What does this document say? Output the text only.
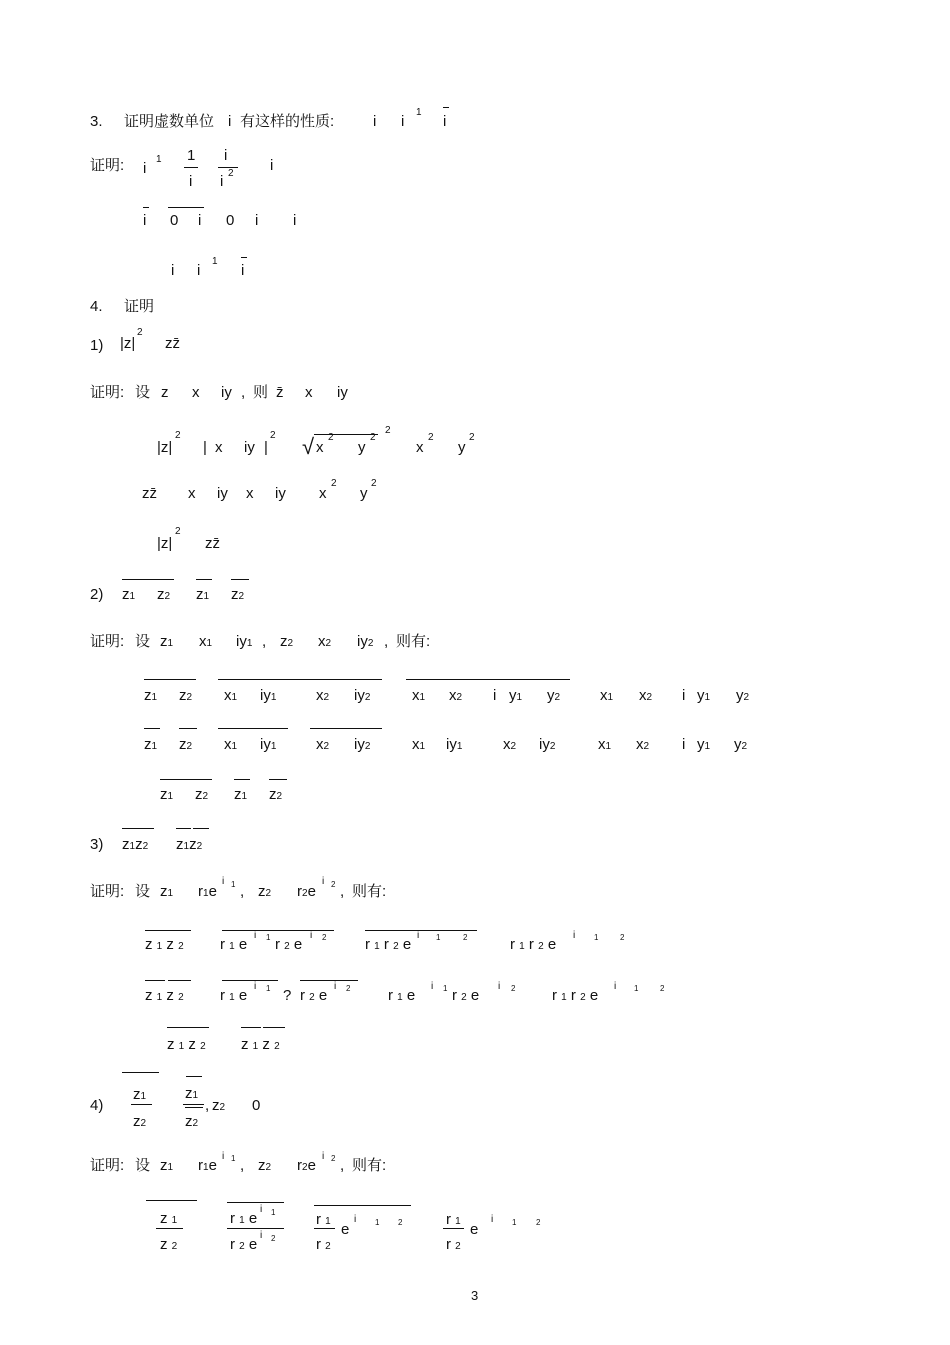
3. 证明虚数单位 i 有这样的性质:	i i
1
i
证明: i
1 1
i
i
i 2 i
i 0 i 0 i i
i i
1
i
4. 证明
1) |z|
2
zz̄
证明: 设 z x iy , 则 z̄ x iy
|z|
2
| x iy |
2 √ x
2
y
2
2
x
2
y
2
zz̄ x iy x iy x
2
y
2
|z|
2
zz̄
2) z1 z2 z1 z2
证明: 设 z1 x1 iy1 , z2 x2 iy2 , 则有:
z1 z2 x1 iy1	x2 iy2	x1 x2 i y1 y2	x1 x2 i y1 y2
z1 z2 x1 iy1	x2 iy2	x1 iy1	x2 iy2	x1 x2 i y1 y2
z1 z2 z1 z2
3) z1z2 z1z2
证明: 设 z1 r1e
i 1 , z2 r2e
i 2 , 则有:
z 1 z 2 r 1 e
i 1 r 2 e
i 2	r 1 r 2 e
i 1	2	r 1 r 2 e
i 1	2
z 1 z 2 r 1 e
i 1 ? r 2 e
i 2	r 1 e
i 1 r 2 e
i 2 r 1 r 2 e
i 1	2
z 1 z 2 z 1 z 2
4)
z1
z2
z1
z2
, z2 0
证明: 设 z1 r1e
i 1 , z2 r2e
i 2 , 则有:
z 1
z 2
r 1 e
i 1
r 2 e
i 2
r 1
r 2
e
i 1 2	r 1
r 2
e
i 1 2
3
